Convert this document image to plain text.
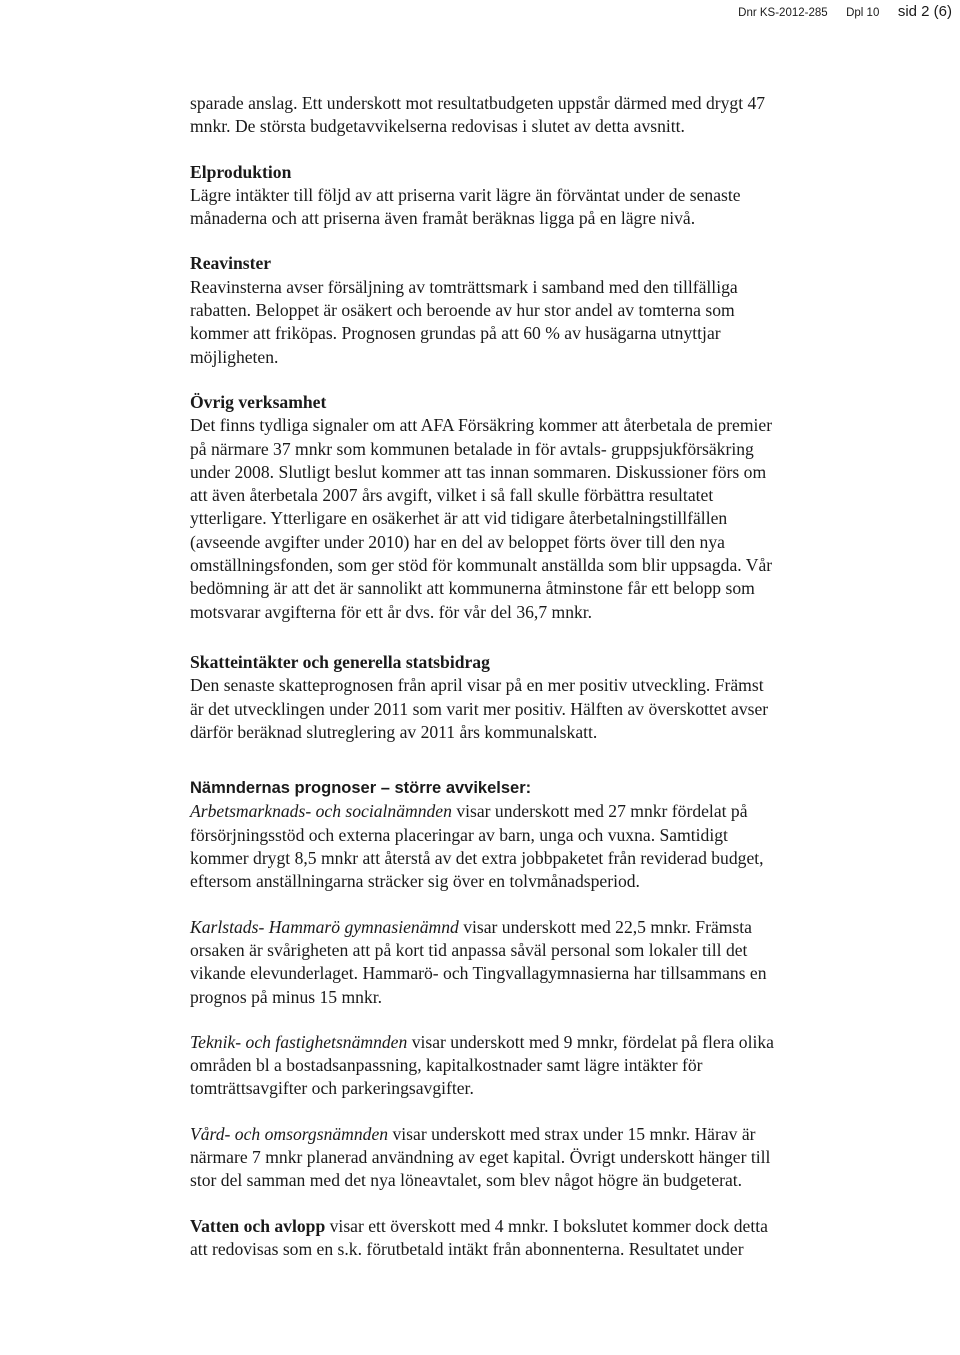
Dnr KS-2012-285 Dpl 10 sid 2 (6)

sparade anslag. Ett underskott mot resultatbudgeten uppstår därmed med drygt 47

mnkr. De största budgetavvikelserna redovisas i slutet av detta avsnitt.

Elproduktion

Lägre intäkter till följd av att priserna varit lägre än förväntat under de senaste

månaderna och att priserna även framåt beräknas ligga på en lägre nivå.

Reavinster

Reavinsterna avser försäljning av tomträttsmark i samband med den tillfälliga

rabatten. Beloppet är osäkert och beroende av hur stor andel av tomterna som

kommer att friköpas. Prognosen grundas på att 60 % av husägarna utnyttjar

möjligheten.

Övrig verksamhet

Det finns tydliga signaler om att AFA Försäkring kommer att återbetala de premier

på närmare 37 mnkr som kommunen betalade in för avtals- gruppsjukförsäkring

under 2008. Slutligt beslut kommer att tas innan sommaren. Diskussioner förs om

att även återbetala 2007 års avgift, vilket i så fall skulle förbättra resultatet

ytterligare. Ytterligare en osäkerhet är att vid tidigare återbetalningstillfällen

(avseende avgifter under 2010) har en del av beloppet förts över till den nya

omställningsfonden, som ger stöd för kommunalt anställda som blir uppsagda. Vår

bedömning är att det är sannolikt att kommunerna åtminstone får ett belopp som

motsvarar avgifterna för ett år dvs. för vår del 36,7 mnkr.

Skatteintäkter och generella statsbidrag

Den senaste skatteprognosen från april visar på en mer positiv utveckling. Främst

är det utvecklingen under 2011 som varit mer positiv. Hälften av överskottet avser

därför beräknad slutreglering av 2011 års kommunalskatt.

Nämndernas prognoser – större avvikelser:

Arbetsmarknads- och socialnämnden visar underskott med 27 mnkr fördelat på

försörjningsstöd och externa placeringar av barn, unga och vuxna. Samtidigt

kommer drygt 8,5 mnkr att återstå av det extra jobbpaketet från reviderad budget,

eftersom anställningarna sträcker sig över en tolvmånadsperiod.

Karlstads- Hammarö gymnasienämnd visar underskott med 22,5 mnkr. Främsta

orsaken är svårigheten att på kort tid anpassa såväl personal som lokaler till det

vikande elevunderlaget. Hammarö- och Tingvallagymnasierna har tillsammans en

prognos på minus 15 mnkr.

Teknik- och fastighetsnämnden visar underskott med 9 mnkr, fördelat på flera olika

områden bl a bostadsanpassning, kapitalkostnader samt lägre intäkter för

tomträttsavgifter och parkeringsavgifter.

Vård- och omsorgsnämnden visar underskott med strax under 15 mnkr. Härav är

närmare 7 mnkr planerad användning av eget kapital. Övrigt underskott hänger till

stor del samman med det nya löneavtalet, som blev något högre än budgeterat.

Vatten och avlopp visar ett överskott med 4 mnkr. I bokslutet kommer dock detta

att redovisas som en s.k. förutbetald intäkt från abonnenterna. Resultatet under
